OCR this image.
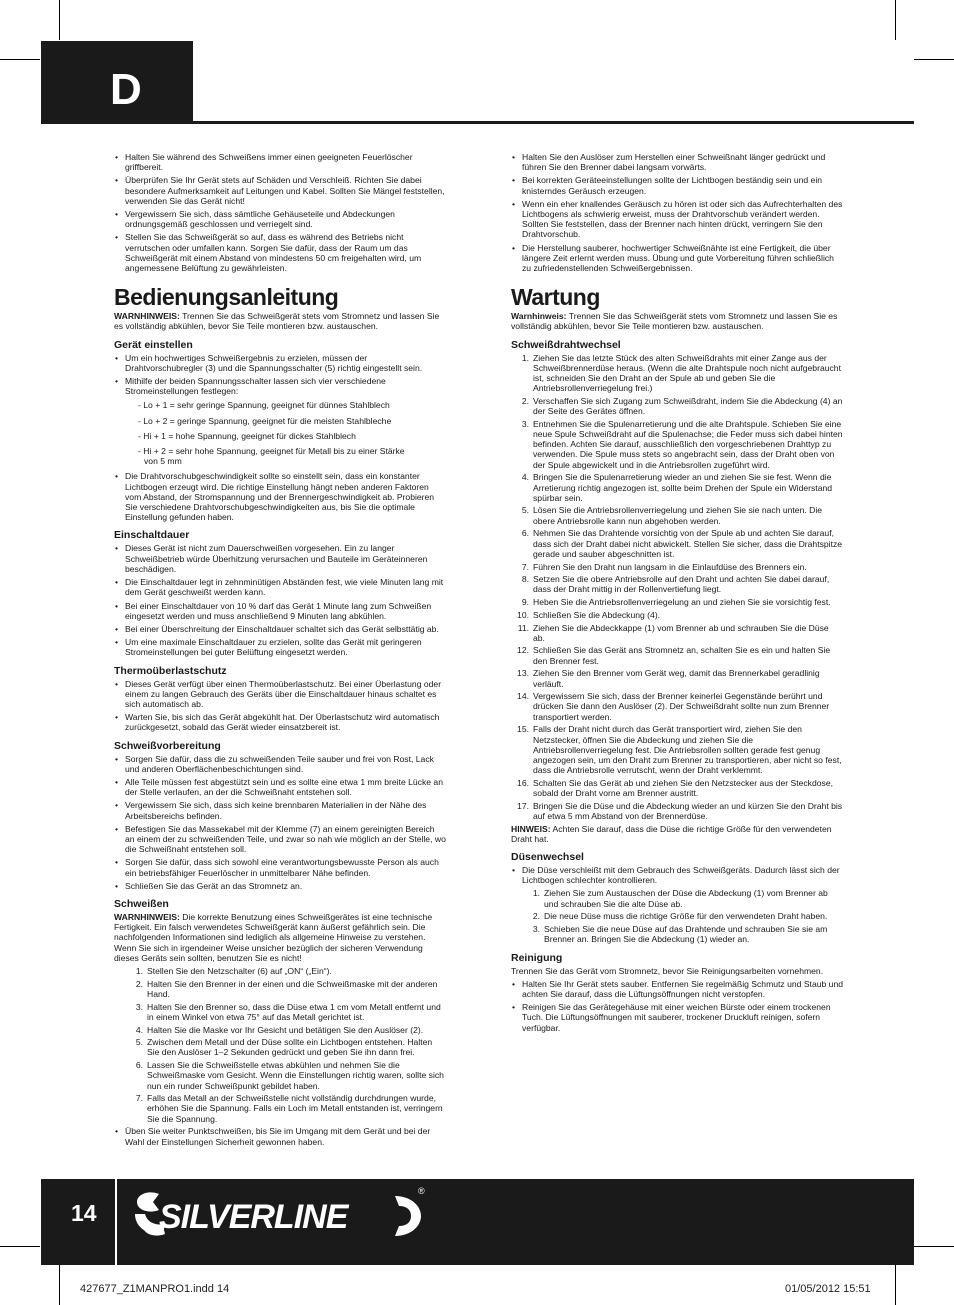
D
• Halten Sie während des Schweißens immer einen geeigneten Feuerlöscher griffbereit.
• Überprüfen Sie Ihr Gerät stets auf Schäden und Verschleiß. Richten Sie dabei besondere Aufmerksamkeit auf Leitungen und Kabel. Sollten Sie Mängel feststellen, verwenden Sie das Gerät nicht!
• Vergewissern Sie sich, dass sämtliche Gehäuseteile und Abdeckungen ordnungsgemäß geschlossen und verriegelt sind.
• Stellen Sie das Schweißgerät so auf, dass es während des Betriebs nicht verrutschen oder umfallen kann. Sorgen Sie dafür, dass der Raum um das Schweißgerät mit einem Abstand von mindestens 50 cm freigehalten wird, um angemessene Belüftung zu gewährleisten.
Bedienungsanleitung

WARNHINWEIS: Trennen Sie das Schweißgerät stets vom Stromnetz und lassen Sie es vollständig abkühlen, bevor Sie Teile montieren bzw. austauschen.

Gerät einstellen
• Um ein hochwertiges Schweißergebnis zu erzielen, müssen der Drahtvorschubregler (3) und die Spannungsschalter (5) richtig eingestellt sein.
• Mithilfe der beiden Spannungsschalter lassen sich vier verschiedene Stromeinstellungen festlegen:
- Lo + 1 = sehr geringe Spannung, geeignet für dünnes Stahlblech
- Lo + 2 = geringe Spannung, geeignet für die meisten Stahlbleche
- Hi + 1 = hohe Spannung, geeignet für dickes Stahlblech
- Hi + 2 = sehr hohe Spannung, geeignet für Metall bis zu einer Stärke
von 5 mm
• Die Drahtvorschubgeschwindigkeit sollte so einstellt sein, dass ein konstanter Lichtbogen erzeugt wird. Die richtige Einstellung hängt neben anderen Faktoren vom Abstand, der Stromspannung und der Brennergeschwindigkeit ab. Probieren Sie verschiedene Drahtvorschubgeschwindigkeiten aus, bis Sie die optimale Einstellung gefunden haben.
Einschaltdauer
• Dieses Gerät ist nicht zum Dauerschweißen vorgesehen. Ein zu langer Schweißbetrieb würde Überhitzung verursachen und Bauteile im Geräteinneren beschädigen.
• Die Einschaltdauer legt in zehnminütigen Abständen fest, wie viele Minuten lang mit dem Gerät geschweißt werden kann.
• Bei einer Einschaltdauer von 10 % darf das Gerät 1 Minute lang zum Schweißen eingesetzt werden und muss anschließend 9 Minuten lang abkühlen.
• Bei einer Überschreitung der Einschaltdauer schaltet sich das Gerät selbsttätig ab.
• Um eine maximale Einschaltdauer zu erzielen, sollte das Gerät mit geringeren Stromeinstellungen bei guter Belüftung eingesetzt werden.
Thermoüberlastschutz
• Dieses Gerät verfügt über einen Thermoüberlastschutz. Bei einer Überlastung oder einem zu langen Gebrauch des Geräts über die Einschaltdauer hinaus schaltet es sich automatisch ab.
• Warten Sie, bis sich das Gerät abgekühlt hat. Der Überlastschutz wird automatisch zurückgesetzt, sobald das Gerät wieder einsatzbereit ist.
Schweißvorbereitung
• Sorgen Sie dafür, dass die zu schweißenden Teile sauber und frei von Rost, Lack und anderen Oberflächenbeschichtungen sind.
• Alle Teile müssen fest abgestützt sein und es sollte eine etwa 1 mm breite Lücke an der Stelle verlaufen, an der die Schweißnaht entstehen soll.
• Vergewissern Sie sich, dass sich keine brennbaren Materialien in der Nähe des Arbeitsbereichs befinden.
• Befestigen Sie das Massekabel mit der Klemme (7) an einem gereinigten Bereich an einem der zu schweißenden Teile, und zwar so nah wie möglich an der Stelle, wo die Schweißnaht entstehen soll.
• Sorgen Sie dafür, dass sich sowohl eine verantwortungsbewusste Person als auch ein betriebsfähiger Feuerlöscher in unmittelbarer Nähe befinden.
• Schließen Sie das Gerät an das Stromnetz an.
Schweißen

WARNHINWEIS: Die korrekte Benutzung eines Schweißgerätes ist eine technische Fertigkeit. Ein falsch verwendetes Schweißgerät kann äußerst gefährlich sein. Die nachfolgenden Informationen sind lediglich als allgemeine Hinweise zu verstehen. Wenn Sie sich in irgendeiner Weise unsicher bezüglich der sicheren Verwendung dieses Geräts sein sollten, benutzen Sie es nicht!

1. Stellen Sie den Netzschalter (6) auf „ON“ („Ein“).
2. Halten Sie den Brenner in der einen und die Schweißmaske mit der anderen Hand.
3. Halten Sie den Brenner so, dass die Düse etwa 1 cm vom Metall entfernt und in einem Winkel von etwa 75° auf das Metall gerichtet ist.
4. Halten Sie die Maske vor Ihr Gesicht und betätigen Sie den Auslöser (2).
5. Zwischen dem Metall und der Düse sollte ein Lichtbogen entstehen. Halten Sie den Auslöser 1–2 Sekunden gedrückt und geben Sie ihn dann frei.
6. Lassen Sie die Schweißstelle etwas abkühlen und nehmen Sie die Schweißmaske vom Gesicht. Wenn die Einstellungen richtig waren, sollte sich nun ein runder Schweißpunkt gebildet haben.
7. Falls das Metall an der Schweißstelle nicht vollständig durchdrungen wurde, erhöhen Sie die Spannung. Falls ein Loch im Metall entstanden ist, verringern Sie die Spannung.
• Üben Sie weiter Punktschweißen, bis Sie im Umgang mit dem Gerät und bei der Wahl der Einstellungen Sicherheit gewonnen haben.
• Halten Sie den Auslöser zum Herstellen einer Schweißnaht länger gedrückt und führen Sie den Brenner dabei langsam vorwärts.
• Bei korrekten Geräteeinstellungen sollte der Lichtbogen beständig sein und ein knisterndes Geräusch erzeugen.
• Wenn ein eher knallendes Geräusch zu hören ist oder sich das Aufrechterhalten des Lichtbogens als schwierig erweist, muss der Drahtvorschub verändert werden. Sollten Sie feststellen, dass der Brenner nach hinten drückt, verringern Sie den Drahtvorschub.
• Die Herstellung sauberer, hochwertiger Schweißnähte ist eine Fertigkeit, die über längere Zeit erlernt werden muss. Übung und gute Vorbereitung führen schließlich zu zufriedenstellenden Schweißergebnissen.
Wartung

Warnhinweis: Trennen Sie das Schweißgerät stets vom Stromnetz und lassen Sie es vollständig abkühlen, bevor Sie Teile montieren bzw. austauschen.

Schweißdrahtwechsel
1. Ziehen Sie das letzte Stück des alten Schweißdrahts mit einer Zange aus der Schweißbrennerdüse heraus. (Wenn die alte Drahtspule noch nicht aufgebraucht ist, schneiden Sie den Draht an der Spule ab und geben Sie die Antriebsrollenverriegelung frei.)
2. Verschaffen Sie sich Zugang zum Schweißdraht, indem Sie die Abdeckung (4) an der Seite des Gerätes öffnen.
3. Entnehmen Sie die Spulenarretierung und die alte Drahtspule. Schieben Sie eine neue Spule Schweißdraht auf die Spulenachse; die Feder muss sich dabei hinten befinden. Achten Sie darauf, ausschließlich den vorgeschriebenen Drahttyp zu verwenden. Die Spule muss stets so angebracht sein, dass der Draht oben von der Spule abgewickelt und in die Antriebsrollen zugeführt wird.
4. Bringen Sie die Spulenarretierung wieder an und ziehen Sie sie fest. Wenn die Arretierung richtig angezogen ist, sollte beim Drehen der Spule ein Widerstand spürbar sein.
5. Lösen Sie die Antriebsrollenverriegelung und ziehen Sie sie nach unten. Die obere Antriebsrolle kann nun abgehoben werden.
6. Nehmen Sie das Drahtende vorsichtig von der Spule ab und achten Sie darauf, dass sich der Draht dabei nicht abwickelt. Stellen Sie sicher, dass die Drahtspitze gerade und sauber abgeschnitten ist.
7. Führen Sie den Draht nun langsam in die Einlaufdüse des Brenners ein.
8. Setzen Sie die obere Antriebsrolle auf den Draht und achten Sie dabei darauf, dass der Draht mittig in der Rollenvertiefung liegt.
9. Heben Sie die Antriebsrollenverriegelung an und ziehen Sie sie vorsichtig fest.
10. Schließen Sie die Abdeckung (4).
11. Ziehen Sie die Abdeckkappe (1) vom Brenner ab und schrauben Sie die Düse ab.
12. Schließen Sie das Gerät ans Stromnetz an, schalten Sie es ein und halten Sie den Brenner fest.
13. Ziehen Sie den Brenner vom Gerät weg, damit das Brennerkabel geradlinig verläuft.
14. Vergewissern Sie sich, dass der Brenner keinerlei Gegenstände berührt und drücken Sie dann den Auslöser (2). Der Schweißdraht sollte nun zum Brenner transportiert werden.
15. Falls der Draht nicht durch das Gerät transportiert wird, ziehen Sie den Netzstecker, öffnen Sie die Abdeckung und ziehen Sie die Antriebsrollenverriegelung fest. Die Antriebsrollen sollten gerade fest genug angezogen sein, um den Draht zum Brenner zu transportieren, aber nicht so fest, dass die Antriebsrolle verrutscht, wenn der Draht verklemmt.
16. Schalten Sie das Gerät ab und ziehen Sie den Netzstecker aus der Steckdose, sobald der Draht vorne am Brenner austritt.
17. Bringen Sie die Düse und die Abdeckung wieder an und kürzen Sie den Draht bis auf etwa 5 mm Abstand von der Brennerdüse.

HINWEIS: Achten Sie darauf, dass die Düse die richtige Größe für den verwendeten Draht hat.

Düsenwechsel
• Die Düse verschleißt mit dem Gebrauch des Schweißgeräts. Dadurch lässt sich der Lichtbogen schlechter kontrollieren.
1. Ziehen Sie zum Austauschen der Düse die Abdeckung (1) vom Brenner ab und schrauben Sie die alte Düse ab.
2. Die neue Düse muss die richtige Größe für den verwendeten Draht haben.
3. Schieben Sie die neue Düse auf das Drahtende und schrauben Sie sie am Brenner an. Bringen Sie die Abdeckung (1) wieder an.
Reinigung

Trennen Sie das Gerät vom Stromnetz, bevor Sie Reinigungsarbeiten vornehmen.

• Halten Sie Ihr Gerät stets sauber. Entfernen Sie regelmäßig Schmutz und Staub und achten Sie darauf, dass die Lüftungsöffnungen nicht verstopfen.
• Reinigen Sie das Gerätegehäuse mit einer weichen Bürste oder einem trockenen Tuch. Die Lüftungsöffnungen mit sauberer, trockener Druckluft reinigen, sofern verfügbar.
14 SILVERLINE
®
427677_Z1MANPRO1.indd 14	01/05/2012 15:51
